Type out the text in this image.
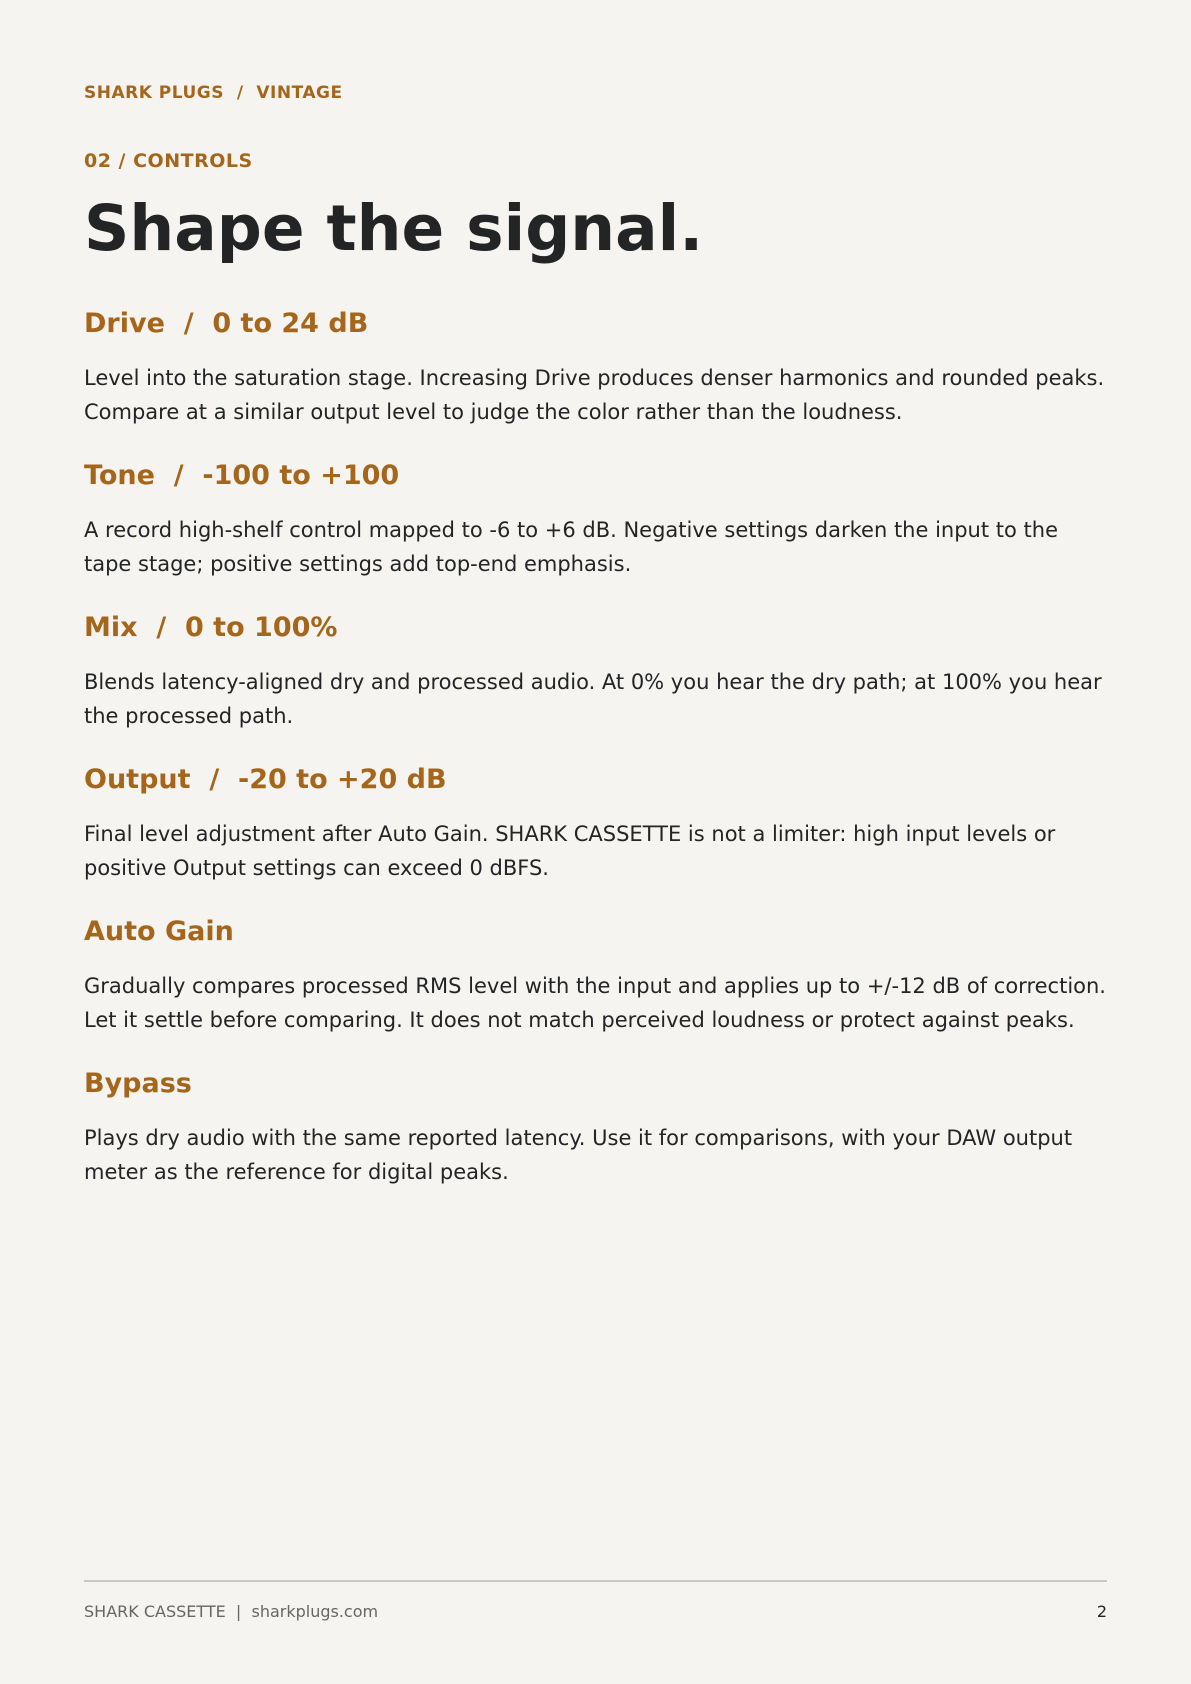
SHARK PLUGS  /  VINTAGE
02 / CONTROLS
Shape the signal.
Drive  /  0 to 24 dB

Level into the saturation stage. Increasing Drive produces denser harmonics and rounded peaks. Compare at a similar output level to judge the color rather than the loudness.

Tone  /  -100 to +100

A record high-shelf control mapped to -6 to +6 dB. Negative settings darken the input to the tape stage; positive settings add top-end emphasis.

Mix  /  0 to 100%

Blends latency-aligned dry and processed audio. At 0% you hear the dry path; at 100% you hear the processed path.

Output  /  -20 to +20 dB

Final level adjustment after Auto Gain. SHARK CASSETTE is not a limiter: high input levels or positive Output settings can exceed 0 dBFS.

Auto Gain

Gradually compares processed RMS level with the input and applies up to +/-12 dB of correction. Let it settle before comparing. It does not match perceived loudness or protect against peaks.

Bypass

Plays dry audio with the same reported latency. Use it for comparisons, with your DAW output meter as the reference for digital peaks.

SHARK CASSETTE  |  sharkplugs.com	2
